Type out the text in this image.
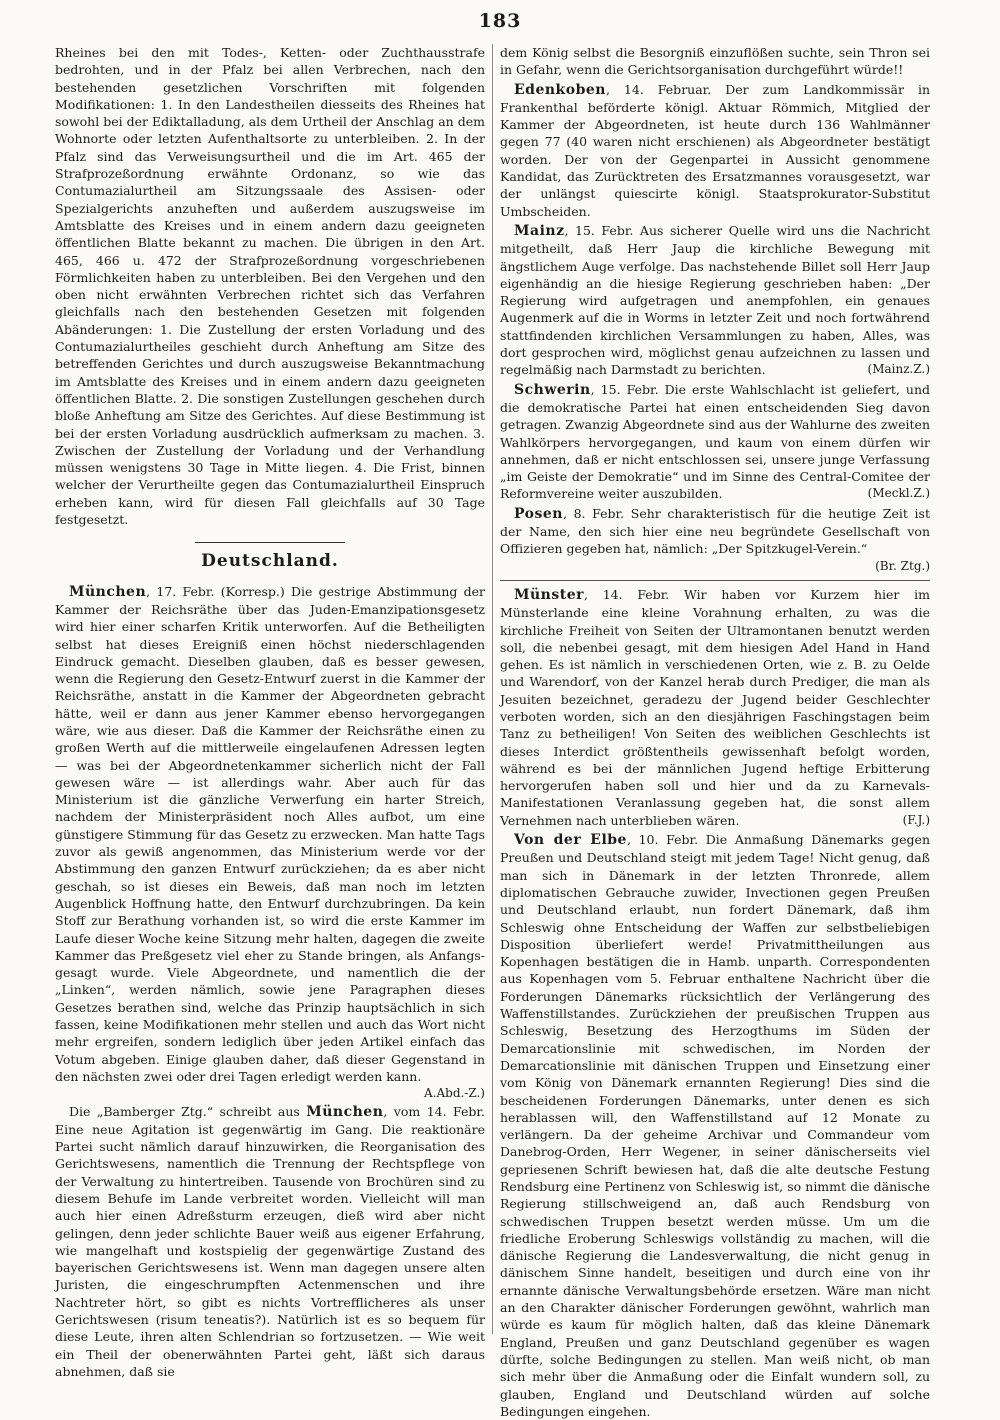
183

Rheines bei den mit Todes-, Ketten- oder Zuchthausstrafe bedrohten, und in der Pfalz bei allen Verbrechen, nach den bestehenden gesetzlichen Vorschriften mit folgenden Modifikationen: 1. In den Landestheilen diesseits des Rheines hat sowohl bei der Ediktalladung, als dem Urtheil der Anschlag an dem Wohnorte oder letzten Aufenthaltsorte zu unterbleiben. 2. In der Pfalz sind das Verweisungsurtheil und die im Art. 465 der Strafprozeßordnung erwähnte Ordonanz, so wie das Contumazialurtheil am Sitzungssaale des Assisen- oder Spezialgerichts anzuheften und außerdem auszugsweise im Amtsblatte des Kreises und in einem andern dazu geeigneten öffentlichen Blatte bekannt zu machen. Die übrigen in den Art. 465, 466 u. 472 der Strafprozeßordnung vorgeschriebenen Förmlichkeiten haben zu unterbleiben. Bei den Vergehen und den oben nicht erwähnten Verbrechen richtet sich das Verfahren gleichfalls nach den bestehenden Gesetzen mit folgenden Abänderungen: 1. Die Zustellung der ersten Vorladung und des Contumazialurtheiles geschieht durch Anheftung am Sitze des betreffenden Gerichtes und durch auszugsweise Bekanntmachung im Amtsblatte des Kreises und in einem andern dazu geeigneten öffentlichen Blatte. 2. Die sonstigen Zustellungen geschehen durch bloße Anheftung am Sitze des Gerichtes. Auf diese Bestimmung ist bei der ersten Vorladung ausdrücklich aufmerksam zu machen. 3. Zwischen der Zustellung der Vorladung und der Verhandlung müssen wenigstens 30 Tage in Mitte liegen. 4. Die Frist, binnen welcher der Verurtheilte gegen das Contumazialurtheil Einspruch erheben kann, wird für diesen Fall gleichfalls auf 30 Tage festgesetzt.

Deutschland.

München, 17. Febr. (Korresp.) Die gestrige Abstimmung der Kammer der Reichsräthe über das Juden-Emanzipationsgesetz wird hier einer scharfen Kritik unterworfen. Auf die Betheiligten selbst hat dieses Ereigniß einen höchst niederschlagenden Eindruck gemacht. Dieselben glauben, daß es besser gewesen, wenn die Regierung den Gesetz-Entwurf zuerst in die Kammer der Reichsräthe, anstatt in die Kammer der Abgeordneten gebracht hätte, weil er dann aus jener Kammer ebenso hervorgegangen wäre, wie aus dieser. Daß die Kammer der Reichsräthe einen zu großen Werth auf die mittlerweile eingelaufenen Adressen legten — was bei der Abgeordnetenkammer sicherlich nicht der Fall gewesen wäre — ist allerdings wahr. Aber auch für das Ministerium ist die gänzliche Verwerfung ein harter Streich, nachdem der Ministerpräsident noch Alles aufbot, um eine günstigere Stimmung für das Gesetz zu erzwecken. Man hatte Tags zuvor als gewiß angenommen, das Ministerium werde vor der Abstimmung den ganzen Entwurf zurückziehen; da es aber nicht geschah, so ist dieses ein Beweis, daß man noch im letzten Augenblick Hoffnung hatte, den Entwurf durchzubringen. Da kein Stoff zur Berathung vorhanden ist, so wird die erste Kammer im Laufe dieser Woche keine Sitzung mehr halten, dagegen die zweite Kammer das Preßgesetz viel eher zu Stande bringen, als Anfangs-gesagt wurde. Viele Abgeordnete, und namentlich die der „Linken“, werden nämlich, sowie jene Paragraphen dieses Gesetzes berathen sind, welche das Prinzip hauptsächlich in sich fassen, keine Modifikationen mehr stellen und auch das Wort nicht mehr ergreifen, sondern lediglich über jeden Artikel einfach das Votum abgeben. Einige glauben daher, daß dieser Gegenstand in den nächsten zwei oder drei Tagen erledigt werden kann.
A.Abd.-Z.)

Die „Bamberger Ztg.“ schreibt aus München, vom 14. Febr. Eine neue Agitation ist gegenwärtig im Gang. Die reaktionäre Partei sucht nämlich darauf hinzuwirken, die Reorganisation des Gerichtswesens, namentlich die Trennung der Rechtspflege von der Verwaltung zu hintertreiben. Tausende von Brochüren sind zu diesem Behufe im Lande verbreitet worden. Vielleicht will man auch hier einen Adreßsturm erzeugen, dieß wird aber nicht gelingen, denn jeder schlichte Bauer weiß aus eigener Erfahrung, wie mangelhaft und kostspielig der gegenwärtige Zustand des bayerischen Gerichtswesens ist. Wenn man dagegen unsere alten Juristen, die eingeschrumpften Actenmenschen und ihre Nachtreter hört, so gibt es nichts Vortrefflicheres als unser Gerichtswesen (risum teneatis?). Natürlich ist es so bequem für diese Leute, ihren alten Schlendrian so fortzusetzen. — Wie weit ein Theil der obenerwähnten Partei geht, läßt sich daraus abnehmen, daß sie

dem König selbst die Besorgniß einzuflößen suchte, sein Thron sei in Gefahr, wenn die Gerichtsorganisation durchgeführt würde!!

Edenkoben, 14. Februar. Der zum Landkommissär in Frankenthal beförderte königl. Aktuar Römmich, Mitglied der Kammer der Abgeordneten, ist heute durch 136 Wahlmänner gegen 77 (40 waren nicht erschienen) als Abgeordneter bestätigt worden. Der von der Gegenpartei in Aussicht genommene Kandidat, das Zurücktreten des Ersatzmannes vorausgesetzt, war der unlängst quiescirte königl. Staatsprokurator-Substitut Umbscheiden.

Mainz, 15. Febr. Aus sicherer Quelle wird uns die Nachricht mitgetheilt, daß Herr Jaup die kirchliche Bewegung mit ängstlichem Auge verfolge. Das nachstehende Billet soll Herr Jaup eigenhändig an die hiesige Regierung geschrieben haben: „Der Regierung wird aufgetragen und anempfohlen, ein genaues Augenmerk auf die in Worms in letzter Zeit und noch fortwährend stattfindenden kirchlichen Versammlungen zu haben, Alles, was dort gesprochen wird, möglichst genau aufzeichnen zu lassen und regelmäßig nach Darmstadt zu berichten.	(Mainz.Z.)

Schwerin, 15. Febr. Die erste Wahlschlacht ist geliefert, und die demokratische Partei hat einen entscheidenden Sieg davon getragen. Zwanzig Abgeordnete sind aus der Wahlurne des zweiten Wahlkörpers hervorgegangen, und kaum von einem dürfen wir annehmen, daß er nicht entschlossen sei, unsere junge Verfassung „im Geiste der Demokratie“ und im Sinne des Central-Comitee der Reformvereine weiter auszubilden.	(Meckl.Z.)

Posen, 8. Febr. Sehr charakteristisch für die heutige Zeit ist der Name, den sich hier eine neu begründete Gesellschaft von Offizieren gegeben hat, nämlich: „Der Spitzkugel-Verein.“
(Br. Ztg.)

Münster, 14. Febr. Wir haben vor Kurzem hier im Münsterlande eine kleine Vorahnung erhalten, zu was die kirchliche Freiheit von Seiten der Ultramontanen benutzt werden soll, die nebenbei gesagt, mit dem hiesigen Adel Hand in Hand gehen. Es ist nämlich in verschiedenen Orten, wie z. B. zu Oelde und Warendorf, von der Kanzel herab durch Prediger, die man als Jesuiten bezeichnet, geradezu der Jugend beider Geschlechter verboten worden, sich an den diesjährigen Faschingstagen beim Tanz zu betheiligen! Von Seiten des weiblichen Geschlechts ist dieses Interdict größtentheils gewissenhaft befolgt worden, während es bei der männlichen Jugend heftige Erbitterung hervorgerufen haben soll und hier und da zu Karnevals-Manifestationen Veranlassung gegeben hat, die sonst allem Vernehmen nach unterblieben wären.	(F.J.)

Von der Elbe, 10. Febr. Die Anmaßung Dänemarks gegen Preußen und Deutschland steigt mit jedem Tage! Nicht genug, daß man sich in Dänemark in der letzten Thronrede, allem diplomatischen Gebrauche zuwider, Invectionen gegen Preußen und Deutschland erlaubt, nun fordert Dänemark, daß ihm Schleswig ohne Entscheidung der Waffen zur selbstbeliebigen Disposition überliefert werde! Privatmittheilungen aus Kopenhagen bestätigen die in Hamb. unparth. Correspondenten aus Kopenhagen vom 5. Februar enthaltene Nachricht über die Forderungen Dänemarks rücksichtlich der Verlängerung des Waffenstillstandes. Zurückziehen der preußischen Truppen aus Schleswig, Besetzung des Herzogthums im Süden der Demarcationslinie mit schwedischen, im Norden der Demarcationslinie mit dänischen Truppen und Einsetzung einer vom König von Dänemark ernannten Regierung! Dies sind die bescheidenen Forderungen Dänemarks, unter denen es sich herablassen will, den Waffenstillstand auf 12 Monate zu verlängern. Da der geheime Archivar und Commandeur vom Danebrog-Orden, Herr Wegener, in seiner dänischerseits viel gepriesenen Schrift bewiesen hat, daß die alte deutsche Festung Rendsburg eine Pertinenz von Schleswig ist, so nimmt die dänische Regierung stillschweigend an, daß auch Rendsburg von schwedischen Truppen besetzt werden müsse. Um um die friedliche Eroberung Schleswigs vollständig zu machen, will die dänische Regierung die Landesverwaltung, die nicht genug in dänischem Sinne handelt, beseitigen und durch eine von ihr ernannte dänische Verwaltungsbehörde ersetzen. Wäre man nicht an den Charakter dänischer Forderungen gewöhnt, wahrlich man würde es kaum für möglich halten, daß das kleine Dänemark England, Preußen und ganz Deutschland gegenüber es wagen dürfte, solche Bedingungen zu stellen. Man weiß nicht, ob man sich mehr über die Anmaßung oder die Einfalt wundern soll, zu glauben, England und Deutschland würden auf solche Bedingungen eingehen.
